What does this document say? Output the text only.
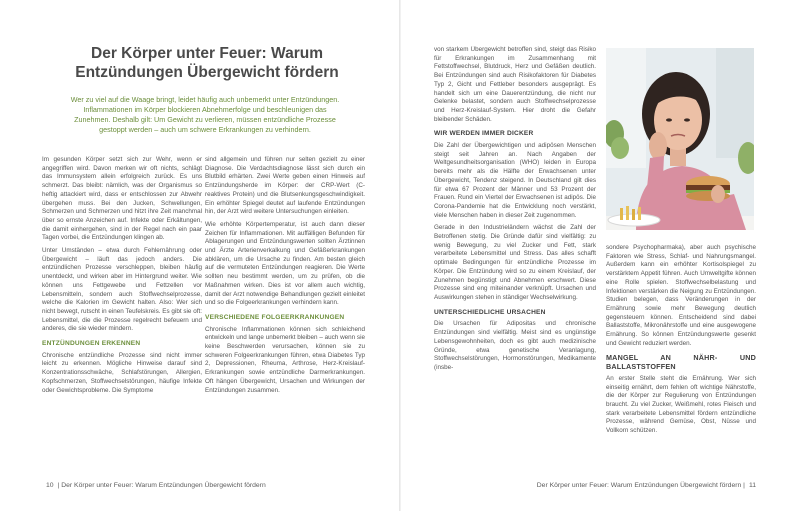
Der Körper unter Feuer: Warum Entzündungen Übergewicht fördern
Wer zu viel auf die Waage bringt, leidet häufig auch unbemerkt unter Entzündungen. Inflammationen im Körper blockieren Abnehmerfolge und beschleunigen das Zunehmen. Deshalb gilt: Um Gewicht zu verlieren, müssen entzündliche Prozesse gestoppt werden – auch um schwere Erkrankungen zu verhindern.

Im gesunden Körper setzt sich zur Wehr, wenn er angegriffen wird. Davon merken wir oft nichts, schlägt das Immunsystem allein erfolgreich zurück. Es uns schmerzt. Das bleibt: nämlich, was der Organismus so heftig attackiert wird, dass er entschlossen zur Abwehr übergehen muss. Bei den Jucken, Schwellungen, Schmerzen und Schmerzen und hitzt ihre Zeit manchmal über so ernste Anzeichen auf. Infekte oder Erkältungen, die damit einhergehen, sind in der Regel nach ein paar Tagen vorbei, die Entzündungen klingen ab.

Unter Umständen – etwa durch Fehlernährung oder Übergewicht – läuft das jedoch anders. Die entzündlichen Prozesse verschleppen, bleiben häufig unentdeckt, und wirken aber im Hintergrund weiter. Wie können uns Fettgewebe und Fettzellen vor Lebensmitteln, sondern auch Stoffwechselprozesse, welche die Kalorien im Gewicht halten. Also: Wer sich nicht bewegt, rutscht in einen Teufelskreis. Es gibt sie oft: Lebensmittel, die die Prozesse regelrecht befeuern und anderes, die sie wieder mindern.

ENTZÜNDUNGEN ERKENNEN

Chronische entzündliche Prozesse sind nicht immer leicht zu erkennen. Mögliche Hinweise darauf sind Konzentrationsschwäche, Schlafstörungen, Allergien, Kopfschmerzen, Stoffwechselstörungen, häufige Infekte oder Gewichtsprobleme. Die Symptome

sind allgemein und führen nur selten gezielt zu einer Diagnose. Die Verdachtsdiagnose lässt sich durch ein Blutbild erhärten. Zwei Werte geben einen Hinweis auf Entzündungsherde im Körper: der CRP-Wert (C-reaktives Protein) und die Blutsenkungsgeschwindigkeit. Ein erhöhter Spiegel deutet auf laufende Entzündungen hin, der Arzt wird weitere Untersuchungen einleiten.

Wie erhöhte Körpertemperatur, ist auch dann dieser Zeichen für Inflammationen. Mit auffälligen Befunden für Ablagerungen und Entzündungswerten sollten Ärztinnen und Ärzte Arterienverkalkung und Gefäßerkrankungen abklären, um die Ursache zu finden. Am besten gleich auf die vermuteten Entzündungen reagieren. Die Werte sollten neu bestimmt werden, um zu prüfen, ob die Maßnahmen wirken. Dies ist vor allem auch wichtig, damit der Arzt notwendige Behandlungen gezielt einleitet und so die Folgeerkrankungen verhindern kann.

VERSCHIEDENE FOLGEERKRANKUNGEN

Chronische Inflammationen können sich schleichend entwickeln und lange unbemerkt bleiben – auch wenn sie keine Beschwerden verursachen, können sie zu schweren Folgeerkrankungen führen, etwa Diabetes Typ 2, Depressionen, Rheuma, Arthrose, Herz-Kreislauf-Erkrankungen sowie entzündliche Darmerkrankungen. Oft hängen Übergewicht, Ursachen und Wirkungen der Entzündungen zusammen.

10 | Der Körper unter Feuer: Warum Entzündungen Übergewicht fördern

von starkem Übergewicht betroffen sind, steigt das Risiko für Erkrankungen im Zusammenhang mit Fettstoffwechsel, Blutdruck, Herz und Gefäßen deutlich. Bei Entzündungen sind auch Risikofaktoren für Diabetes Typ 2, Gicht und Fettleber besonders ausgeprägt. Es handelt sich um eine Dauerentzündung, die nicht nur Gelenke belastet, sondern auch Stoffwechselprozesse und Herz-Kreislauf-System. Hier droht die Gefahr bleibender Schäden.

WIR WERDEN IMMER DICKER

Die Zahl der Übergewichtigen und adipösen Menschen steigt seit Jahren an. Nach Angaben der Weltgesundheitsorganisation (WHO) leiden in Europa bereits mehr als die Hälfte der Erwachsenen unter Übergewicht, Tendenz steigend. In Deutschland gilt dies für etwa 67 Prozent der Männer und 53 Prozent der Frauen. Rund ein Viertel der Erwachsenen ist adipös. Die Corona-Pandemie hat die Entwicklung noch verstärkt, viele Menschen haben in dieser Zeit zugenommen.

Gerade in den Industrieländern wächst die Zahl der Betroffenen stetig. Die Gründe dafür sind vielfältig: zu wenig Bewegung, zu viel Zucker und Fett, stark verarbeitete Lebensmittel und Stress. Das alles schafft optimale Bedingungen für entzündliche Prozesse im Körper. Die Entzündung wird so zu einem Kreislauf, der Zunehmen begünstigt und Abnehmen erschwert. Diese Prozesse sind eng miteinander verknüpft. Ursachen und Auswirkungen stehen in ständiger Wechselwirkung.

UNTERSCHIEDLICHE URSACHEN

Die Ursachen für Adipositas und chronische Entzündungen sind vielfältig. Meist sind es ungünstige Lebensgewohnheiten, doch es gibt auch medizinische Gründe, etwa genetische Veranlagung, Stoffwechselstörungen, Hormonstörungen, Medikamente (insbe-

sondere Psychopharmaka), aber auch psychische Faktoren wie Stress, Schlaf- und Nahrungsmangel. Außerdem kann ein erhöhter Kortisolspiegel zu verstärktem Appetit führen. Auch Umweltgifte können eine Rolle spielen. Stoffwechselbelastung und Infektionen verstärken die Neigung zu Entzündungen. Studien belegen, dass Veränderungen in der Ernährung sowie mehr Bewegung deutlich gegensteuern können. Entscheidend sind dabei Ballaststoffe, Mikronährstoffe und eine ausgewogene Ernährung. So können Entzündungswerte gesenkt und Gewicht reduziert werden.

MANGEL AN NÄHR- UND BALLASTSTOFFEN

An erster Stelle steht die Ernährung. Wer sich einseitig ernährt, dem fehlen oft wichtige Nährstoffe, die der Körper zur Regulierung von Entzündungen braucht. Zu viel Zucker, Weißmehl, rotes Fleisch und stark verarbeitete Lebensmittel fördern entzündliche Prozesse, während Gemüse, Obst, Nüsse und Vollkorn schützen.

Der Körper unter Feuer: Warum Entzündungen Übergewicht fördern | 11
